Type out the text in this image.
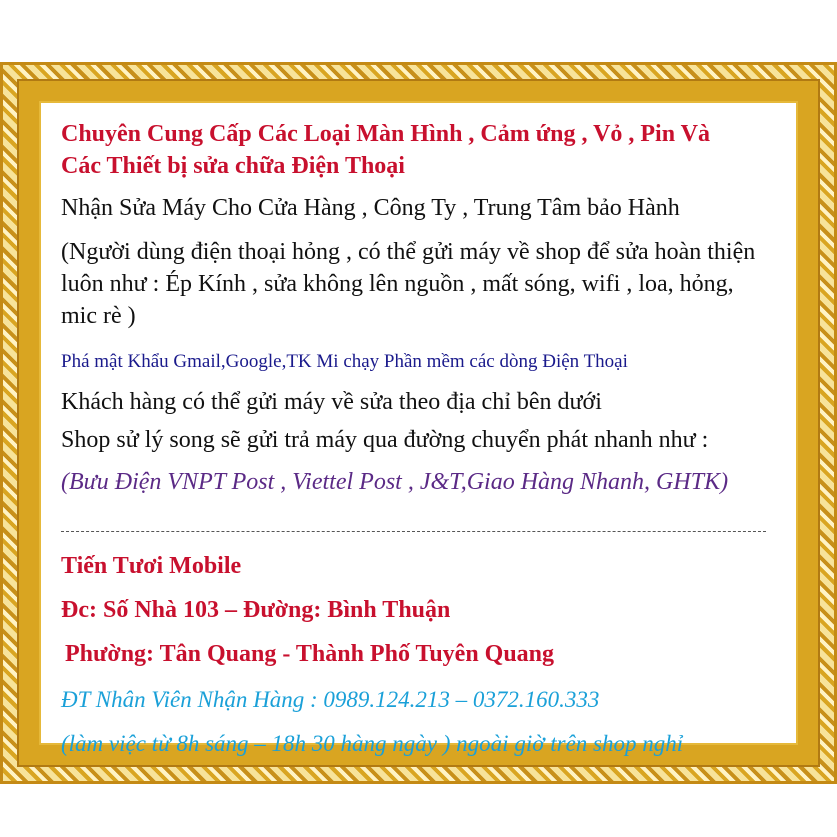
Chuyên Cung Cấp Các Loại Màn Hình , Cảm ứng , Vỏ , Pin Và

Các Thiết bị sửa chữa Điện Thoại

Nhận Sửa Máy Cho Cửa Hàng , Công Ty , Trung Tâm bảo Hành

(Người dùng điện thoại hỏng , có thể gửi máy về shop để sửa hoàn thiện

luôn như : Ép Kính , sửa không lên nguồn , mất sóng, wifi , loa, hỏng,

mic rè )

Phá mật Khẩu Gmail,Google,TK Mi chạy Phần mềm các dòng Điện Thoại

Khách hàng có thể gửi máy về sửa theo địa chỉ bên dưới

Shop sử lý song sẽ gửi trả máy qua đường chuyển phát nhanh như :

(Bưu Điện VNPT Post , Viettel Post , J&T,Giao Hàng Nhanh, GHTK)

Tiến Tươi Mobile

Đc: Số Nhà 103 – Đường: Bình Thuận

Phường: Tân Quang - Thành Phố Tuyên Quang

ĐT Nhân Viên Nhận Hàng : 0989.124.213 – 0372.160.333

(làm việc từ 8h sáng – 18h 30 hàng ngày ) ngoài giờ trên shop nghỉ
